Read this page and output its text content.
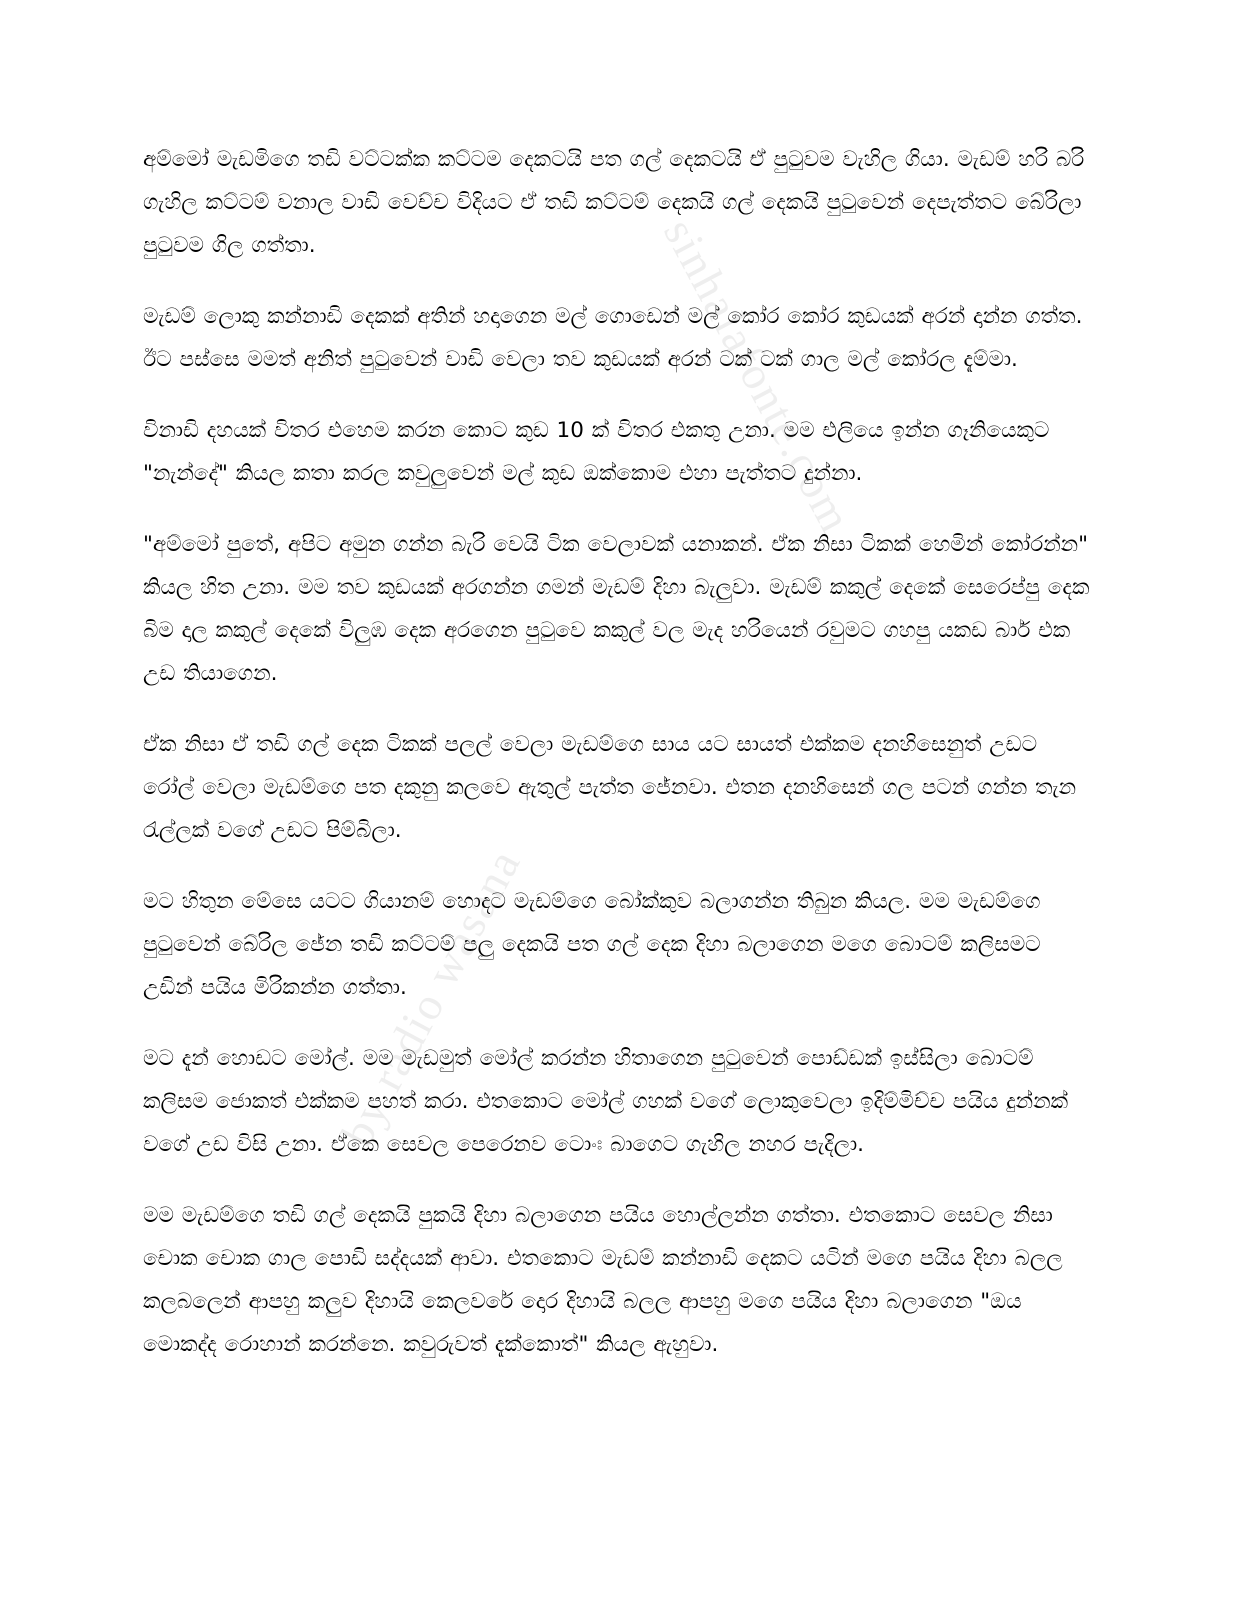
sinhalafonte.com
by radio wasana

අම්මෝ මැඩමිගෙ තඩි වට්ටක්ක කට්ටම දෙකටයි පත ගල් දෙකටයි ඒ පුටුවම වැහිල ගියා. මැඩම් හරි බරි ගැහිල කට්ටම් වනාල වාඩි වෙච්ච විදියට ඒ තඩි කට්ටම් දෙකයි ගල් දෙකයි පුටුවෙන් දෙපැත්තට බේරිලා පුටුවම ගිල ගත්තා.

මැඩම් ලොකු කන්නාඩි දෙකක් අතින් හදාගෙන මල් ගොඩෙන් මල් කෝර කෝර කුඩයක් අරන් දාන්න ගත්ත. ඊට පස්සෙ මමත් අනිත් පුටුවෙන් වාඩි වෙලා තව කුඩයක් අරන් ටක් ටක් ගාල මල් කෝරල දැම්මා.

විනාඩි දහයක් විතර එහෙම කරන කොට කුඩ 10 ක් විතර එකතු උනා. මම එලියෙ ඉන්න ගෑනියෙකුට "නැන්දේ" කියල කතා කරල කවුලුවෙන් මල් කුඩ ඔක්කොම එහා පැත්තට දුන්නා.

"අම්මෝ පුතේ, අපිට අමුන ගන්න බැරි වෙයි ටික වෙලාවක් යනාකන්. ඒක නිසා ටිකක් හෙමින් කෝරන්න" කියල හිත උනා. මම තව කුඩයක් අරගන්න ගමන් මැඩම් දිහා බැලුවා. මැඩම් කකුල් දෙකේ සෙරෙප්පු දෙක බිම දාල කකුල් දෙකේ විලුඹ දෙක අරගෙන පුටුවෙ කකුල් වල මැද හරියෙන් රවුමට ගහපු යකඩ බාර් එක උඩ තියාගෙන.

ඒක නිසා ඒ තඩි ගල් දෙක ටිකක් පලල් වෙලා මැඩම්ගෙ සාය යට සායත් එක්කම දනහිසෙනුත් උඩට රෝල් වෙලා මැඩම්ගෙ පත දකුනු කලවෙ ඇතුල් පැත්ත ජේනවා. එතන දනහිසෙන් ගල පටන් ගන්න තැන රැල්ලක් වගේ උඩට පිම්බිලා.

මට හිතුන මේසෙ යටට ගියානම් හොදට මැඩම්ගෙ බෝක්කුව බලාගන්න තිබුන කියල. මම මැඩම්ගෙ පුටුවෙන් බේරිල ජේන තඩි කට්ටම් පලු දෙකයි පත ගල් දෙක දිහා බලාගෙන මගෙ බොටම් කලිසමට උඩින් පයිය මිරිකන්න ගත්තා.

මට දැන් හොඩට මෝල්. මම මැඩමුත් මෝල් කරන්න හිතාගෙන පුටුවෙන් පොඩ්ඩක් ඉස්සිලා බොටම් කලිසම ජොකත් එක්කම පහත් කරා. එතකොට මෝල් ගහක් වගේ ලොකුවෙලා ඉදිම්මිච්ච පයිය දුන්නක් වගේ උඩ විසි උනා. ඒකෙ සෙවල පෙරෙනව ටොංඃ බාගෙට ගැහිල නහර පැදිලා.

මම මැඩම්ගෙ තඩි ගල් දෙකයි පුකයි දිහා බලාගෙන පයිය හොල්ලන්න ගත්තා. එතකොට සෙවල නිසා චොක චොක ගාල පොඩි සද්දයක් ආවා. එතකොට මැඩම් කන්නාඩි දෙකට යටින් මගෙ පයිය දිහා බලල කලබලෙන් ආපහු කලුව දිහායි කෙලවරේ දොර දිහායි බලල ආපහු මගෙ පයිය දිහා බලාගෙන "ඔය මොකද්ද රොහාන් කරන්නෙ. කවුරුවත් දැක්කොත්" කියල ඇහුවා.
